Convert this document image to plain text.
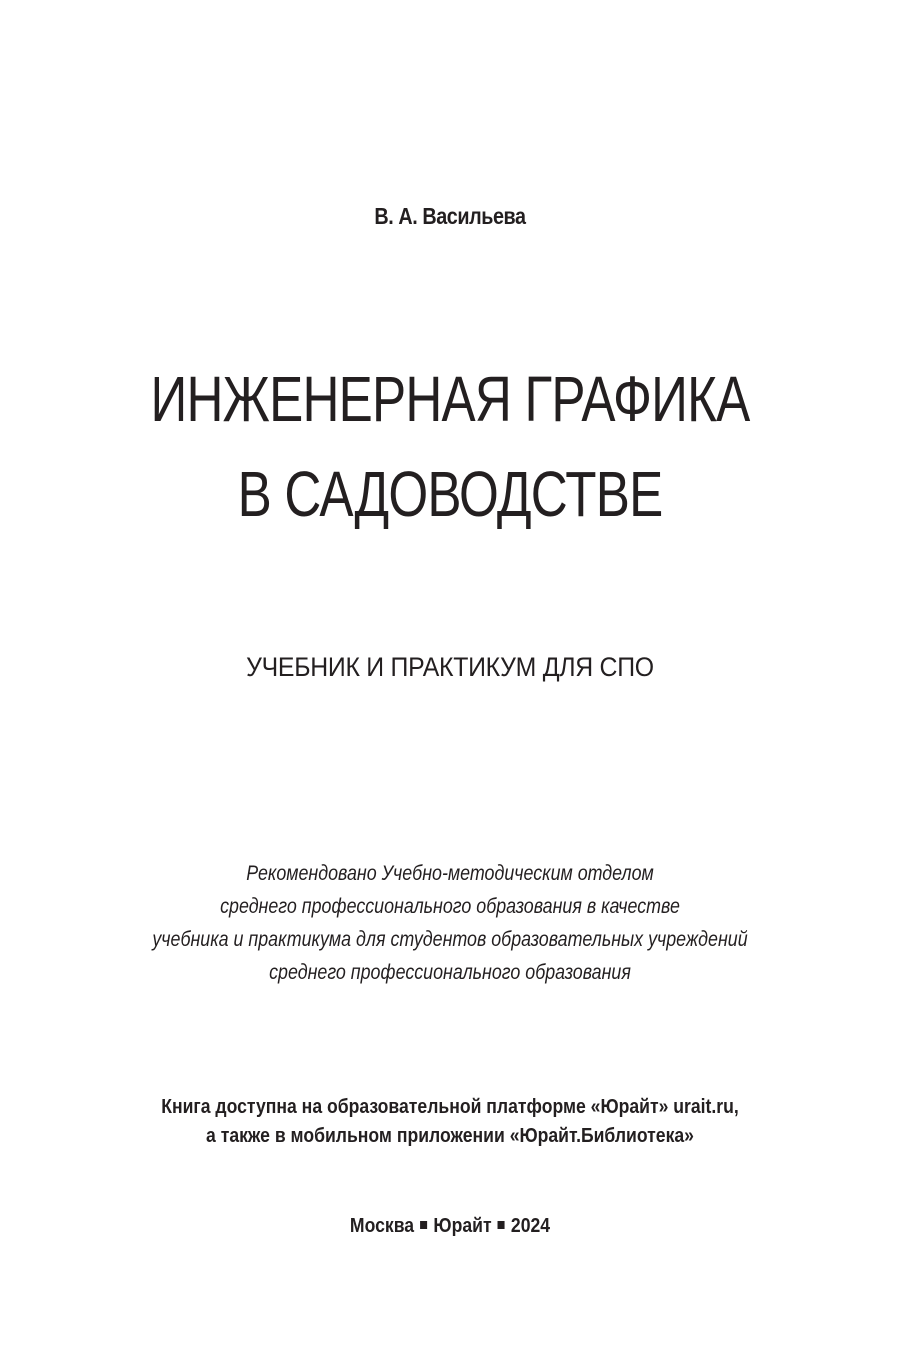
В. А. Васильева
ИНЖЕНЕРНАЯ ГРАФИКА
В САДОВОДСТВЕ
УЧЕБНИК И ПРАКТИКУМ ДЛЯ СПО
Рекомендовано Учебно-методическим отделом
среднего профессионального образования в качестве
учебника и практикума для студентов образовательных учреждений
среднего профессионального образования
Книга доступна на образовательной платформе «Юрайт» urait.ru,
а также в мобильном приложении «Юрайт.Библиотека»
Москва Юрайт 2024
